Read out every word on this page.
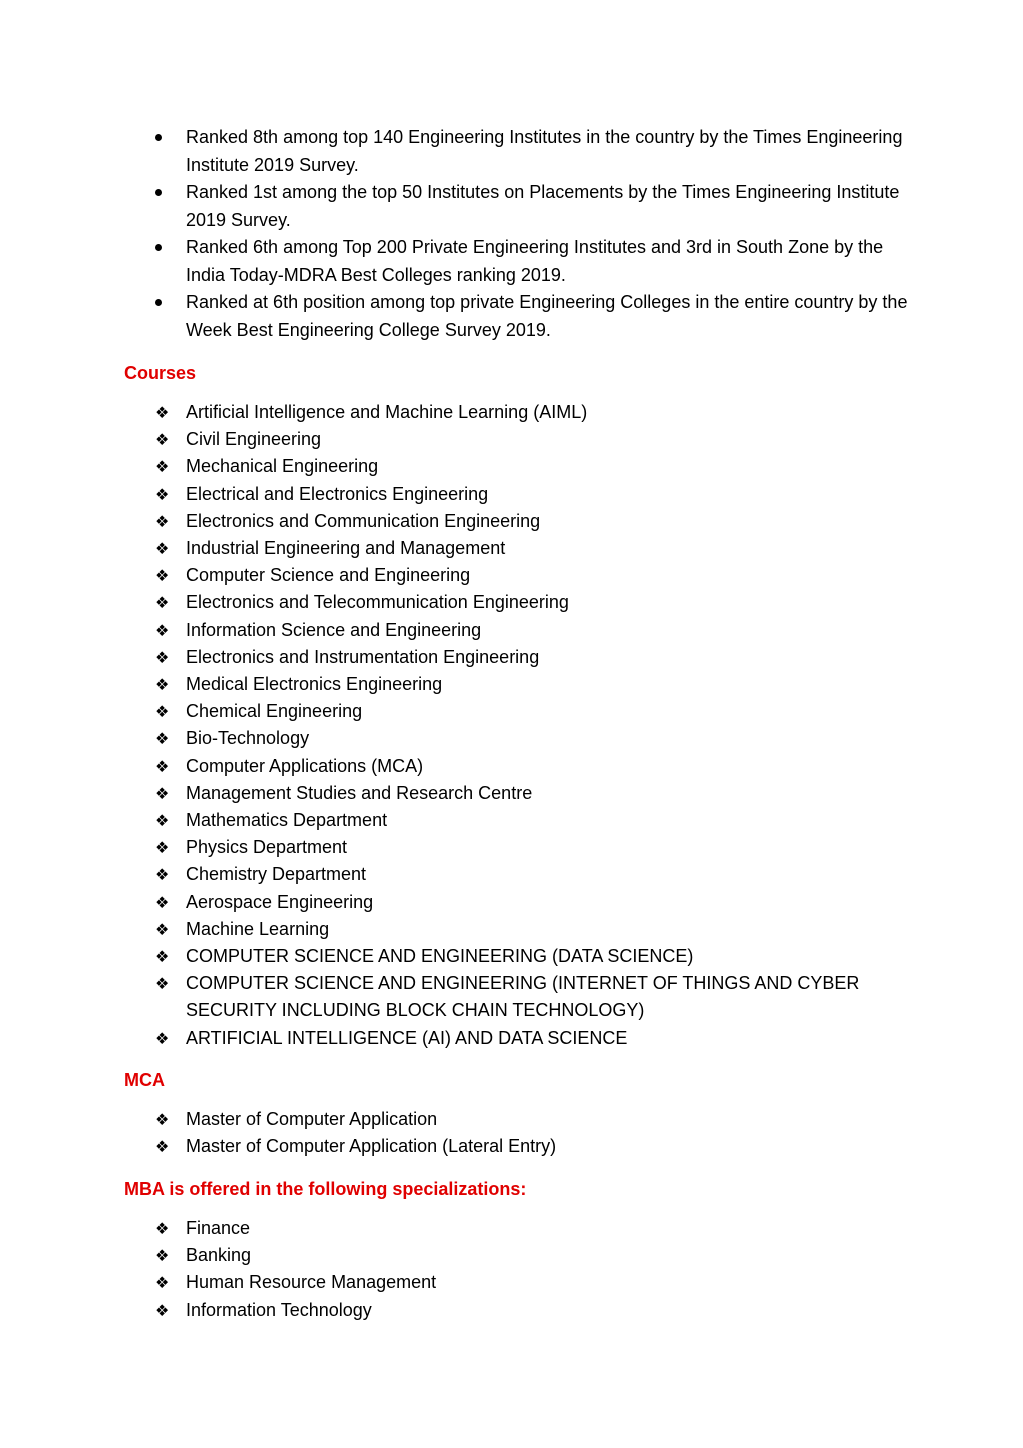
Ranked 8th among top 140 Engineering Institutes in the country by the Times Engineering Institute 2019 Survey.
Ranked 1st among the top 50 Institutes on Placements by the Times Engineering Institute 2019 Survey.
Ranked 6th among Top 200 Private Engineering Institutes and 3rd in South Zone by the India Today-MDRA Best Colleges ranking 2019.
Ranked at 6th position among top private Engineering Colleges in the entire country by the Week Best Engineering College Survey 2019.
Courses
❖ Artificial Intelligence and Machine Learning (AIML)
❖ Civil Engineering
❖ Mechanical Engineering
❖ Electrical and Electronics Engineering
❖ Electronics and Communication Engineering
❖ Industrial Engineering and Management
❖ Computer Science and Engineering
❖ Electronics and Telecommunication Engineering
❖ Information Science and Engineering
❖ Electronics and Instrumentation Engineering
❖ Medical Electronics Engineering
❖ Chemical Engineering
❖ Bio-Technology
❖ Computer Applications (MCA)
❖ Management Studies and Research Centre
❖ Mathematics Department
❖ Physics Department
❖ Chemistry Department
❖ Aerospace Engineering
❖ Machine Learning
❖ COMPUTER SCIENCE AND ENGINEERING (DATA SCIENCE)
❖ COMPUTER SCIENCE AND ENGINEERING (INTERNET OF THINGS AND CYBER SECURITY INCLUDING BLOCK CHAIN TECHNOLOGY)
❖ ARTIFICIAL INTELLIGENCE (AI) AND DATA SCIENCE
MCA
❖ Master of Computer Application
❖ Master of Computer Application (Lateral Entry)
MBA is offered in the following specializations:
❖ Finance
❖ Banking
❖ Human Resource Management
❖ Information Technology
